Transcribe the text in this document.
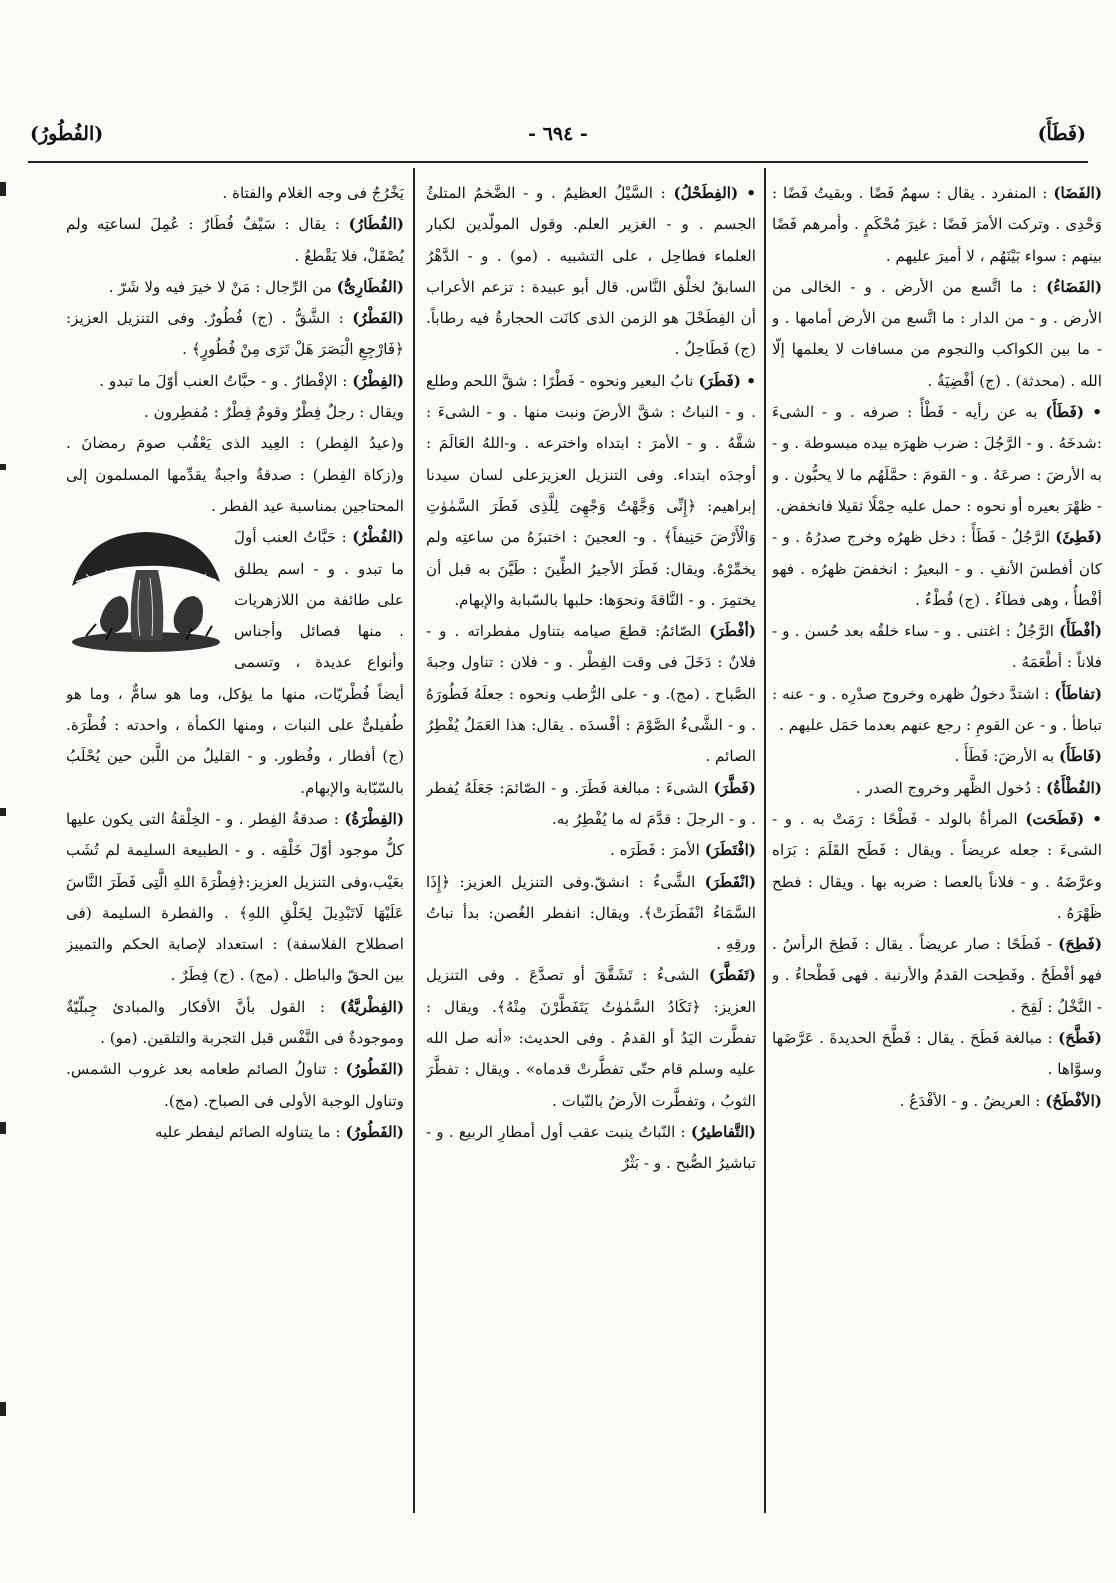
(فَطَأَ)
- ٦٩٤ -
(الفُطُورُ)

(الفَضَا) : المنفرد . يقال : سهمٌ فَضًا . وبقيتُ فَضًا : وَحْدِى . وتركت الأمرَ فَضًا : غيرَ مُحْكَمٍ . وأمرهم فَضًا بينهم : سواء بَيْنَهُم ، لا أميرَ عليهم .

(الفَضَاءُ) : ما اتَّسع من الأرض . و - الخالى من الأرض . و - من الدار : ما اتَّسع من الأرض أمامها . و - ما بين الكواكب والنجوم من مسافات لا يعلمها إلّا الله . (محدثة) . (ج) أفْضِيَةٌ .

• (فَطَأَ) به عن رأيه - فَطْأً : صرفه . و - الشىءَ :شدخَهُ . و - الرَّجُلَ : ضرب ظهرَه بيده مبسوطة . و - به الأرضَ : صرعَهُ . و - القومَ : حمَّلَهُم ما لا يحبُّون . و - ظهْرَ بعيره أو نحوه : حمل عليه حِمْلًا ثقيلا فانخفض.

(فَطِئَ) الرَّجُلُ - فَطَأً : دخل ظهرُه وخرج صدرُهُ . و - كان أفطسَ الأنفِ . و - البعيرُ : انخفضَ ظهرُه . فهو أفْطأُ ، وهى فطآءُ . (ج) فُطْءٌ .

(أفْطَأَ) الرَّجُلُ : اغتنى . و - ساء خلقُه بعد حُسن . و - فلاناً : أطْعَمَهُ .

(تفاطَأَ) : اشتدَّ دخولُ ظهره وخروج صدْرِه . و - عنه : تباطأ . و - عن القومِ : رجع عنهم بعدما حَمَل عليهم .

(فَاطَأَ) به الأرضَ: فَطَأَ .

(الفُطْأَةُ) : دُخول الظَّهر وخروج الصدر .

• (فَطَحَت) المرأةُ بالولد - فَطْحًا : رَمَتْ به . و - الشىءَ : جعله عريضاً . ويقال : فَطَح القَلَمَ : بَرَاه وعرَّضَهُ . و - فلاناً بالعصا : ضربه بها . ويقال : فطح ظَهْرَهُ .

(فَطِحَ) - فَطَحًا : صار عريضاً . يقال : فَطِحَ الرأسُ . فهو أفْطَحُ . وفَطِحت القدمُ والأرنبة . فهى فَطْحاءُ . و - النَّخْلُ : لَقِحَ .

(فَطَّحَ) : مبالغة فَطَحَ . يقال : فَطَّحَ الحديدةَ . عَرَّضَها وسوَّاها .

(الأفْطَحُ) : العريضُ . و - الأفْدَعُ .

• (الفِطَحْلُ) : السَّيْلُ العظيمُ . و - الضَّخمُ المتلئُ الجسم . و - الغزير العلم. وقول المولّدين لكبار العلماء فطاحِل ، على التشبيه . (مو) . و - الدَّهْرُ السابقُ لخلْق النَّاس. قال أبو عبيدة : تزعم الأعراب أن الفِطَحْلَ هو الزمن الذى كانَت الحجارةُ فيه رطاباً. (ج) فَطَاحِلُ .

• (فَطَرَ) نابُ البعير ونحوه - فَطْرًا : شقَّ اللحم وطلع . و - النباتُ : شقَّ الأرضَ ونبت منها . و - الشىءَ : شقَّهُ . و - الأمرَ : ابتداه واخترعه . و-اللهُ العَالَمَ : أوجدَه ابتداء. وفى التنزيل العزيزعلى لسان سيدنا إبراهيم: ﴿إِنِّى وَجَّهْتُ وَجْهِىَ لِلَّذِى فَطَرَ السَّمٰوٰتِ وَالْأَرْضَ حَنِيفاً﴾ . و- العجينَ : اختبزَهُ من ساعتِه ولم يخمِّرْهُ. ويقال: فَطَرَ الأجيرُ الطِّينَ : طَيَّنَ به قبل أن يختمِرَ . و - النَّاقةَ ونحوَها: حلبها بالسّبابة والإبهام.

(أفْطَرَ) الصّائمُ: قطعَ صيامه بتناول مفطراته . و - فلانٌ : دَخَلَ فى وقت الفِطْر . و - فلان : تناول وجبةَ الصَّباح . (مج). و - على الرُّطب ونحوه : جعلَهُ فَطُورَهُ . و - الشَّىءُ الصَّوْمَ : أفْسدَه . يقال: هذا العَمَلُ يُفْطِرُ الصائم .

(فَطَّرَ) الشىءَ : مبالغة فَطَرَ. و - الصّائمَ: جَعَلَهُ يُفطر . و - الرجلَ : قدَّمَ له ما يُفْطِرُ به.

(افْتَطَرَ) الأمرَ : فَطَرَه .

(انْفَطَرَ) الشَّىءُ : انشقّ.وفى التنزيل العزيز: ﴿إِذَا السَّمَاءُ انْفَطَرَتْ﴾. ويقال: انفطر الغُصن: بدأ نباتُ ورقِهِ .

(تَفَطَّرَ) الشىءُ : تَشَقَّقَ أو تصدَّعَ . وفى التنزيل العزيز: ﴿تَكَادُ السَّمٰوٰتُ يَتَفَطَّرْنَ مِنْهُ﴾. ويقال : تفطَّرت اليَدُ أو القدمُ . وفى الحديث: «أنه صل الله عليه وسلم قام حتّى تفطَّرتْ قدماه» . ويقال : تفطَّرَ الثوبُ ، وتفطَّرت الأرضُ بالنّبات .

(التَّفاطيرُ) : النّباتُ ينبت عقب أول أمطارِ الربيع . و - تباشيرُ الصُّبح . و - بَثْرٌ

يَخْرُجُ فى وجه الغلام والفتاة .

(الفُطَارُ) : يقال : سَيْفٌ فُطَارٌ : عُمِلَ لساعتِه ولم يُصْقَلْ، فلا يَقْطعُ .

(الفُطَارِىُّ) من الرِّجال : مَنْ لا خيرَ فيه ولا شَرّ .

(الفَطْرُ) : الشَّقُّ . (ج) فُطُورٌ. وفى التنزيل العزيز: ﴿فَارْجِعِ الْبَصَرَ هَلْ تَرَى مِنْ فُطُورٍ﴾ .

(الفِطْرُ) : الإفْطارُ . و - حبَّاتُ العنب أوّلَ ما تبدو .

ويقال : رجلٌ فِطْرٌ وقومٌ فِطْرٌ : مُفطِرون .

و(عيدُ الفِطر) : العِيد الذى يَعْقُب صومَ رمضانَ . و(زكاة الفِطر) : صدقةٌ واجبةٌ يقدِّمها المسلمون إلى المحتاجين بمناسبة عيد الفطر .

(الفُطْرُ) : حَبَّاتُ العنب أولَ ما تبدو . و - اسم يطلق على طائفة من اللازهريات . منها فصائل وأجناس وأنواع عديدة ، وتسمى أيضاً فُطْريّات، منها ما يؤكل، وما هو سامٌّ ، وما هو طُفيلىٌّ على النبات ، ومنها الكمأة ، واحدته : فُطْرَة.(ج) أفطار ، وفُطور. و - القليلُ من اللَّبن حين يُحْلَبُ بالسّبّابة والإبهام.

(الفِطْرَةُ) : صدقةُ الفِطر . و - الخِلْقةُ التى يكون عليها كلُّ موجود أوّلَ خَلْقِه . و - الطبيعة السليمة لم تُشَب بعَيْب،وفى التنزيل العزيز:﴿فِطْرَةَ اللهِ الَّتِى فَطَرَ النَّاسَ عَلَيْهَا لَاتَبْدِيلَ لِخَلْقِ اللهِ﴾ . والفطرة السليمة (فى اصطلاح الفلاسفة) : استعداد لإصابة الحكم والتمييز بين الحقّ والباطل . (مج) . (ج) فِطَرٌ .

(الفِطْريَّةُ) : القول بأنَّ الأفكار والمبادئ جِبلّيّةٌ وموجودةٌ فى النَّفْس قبل التجربة والتلقين. (مو) .

(الفَطُورُ) : تناولُ الصائم طعامه بعد غروب الشمس. وتناول الوجبة الأولى فى الصباح. (مج).

(الفَطُورُ) : ما يتناوله الصائم ليفطر عليه
